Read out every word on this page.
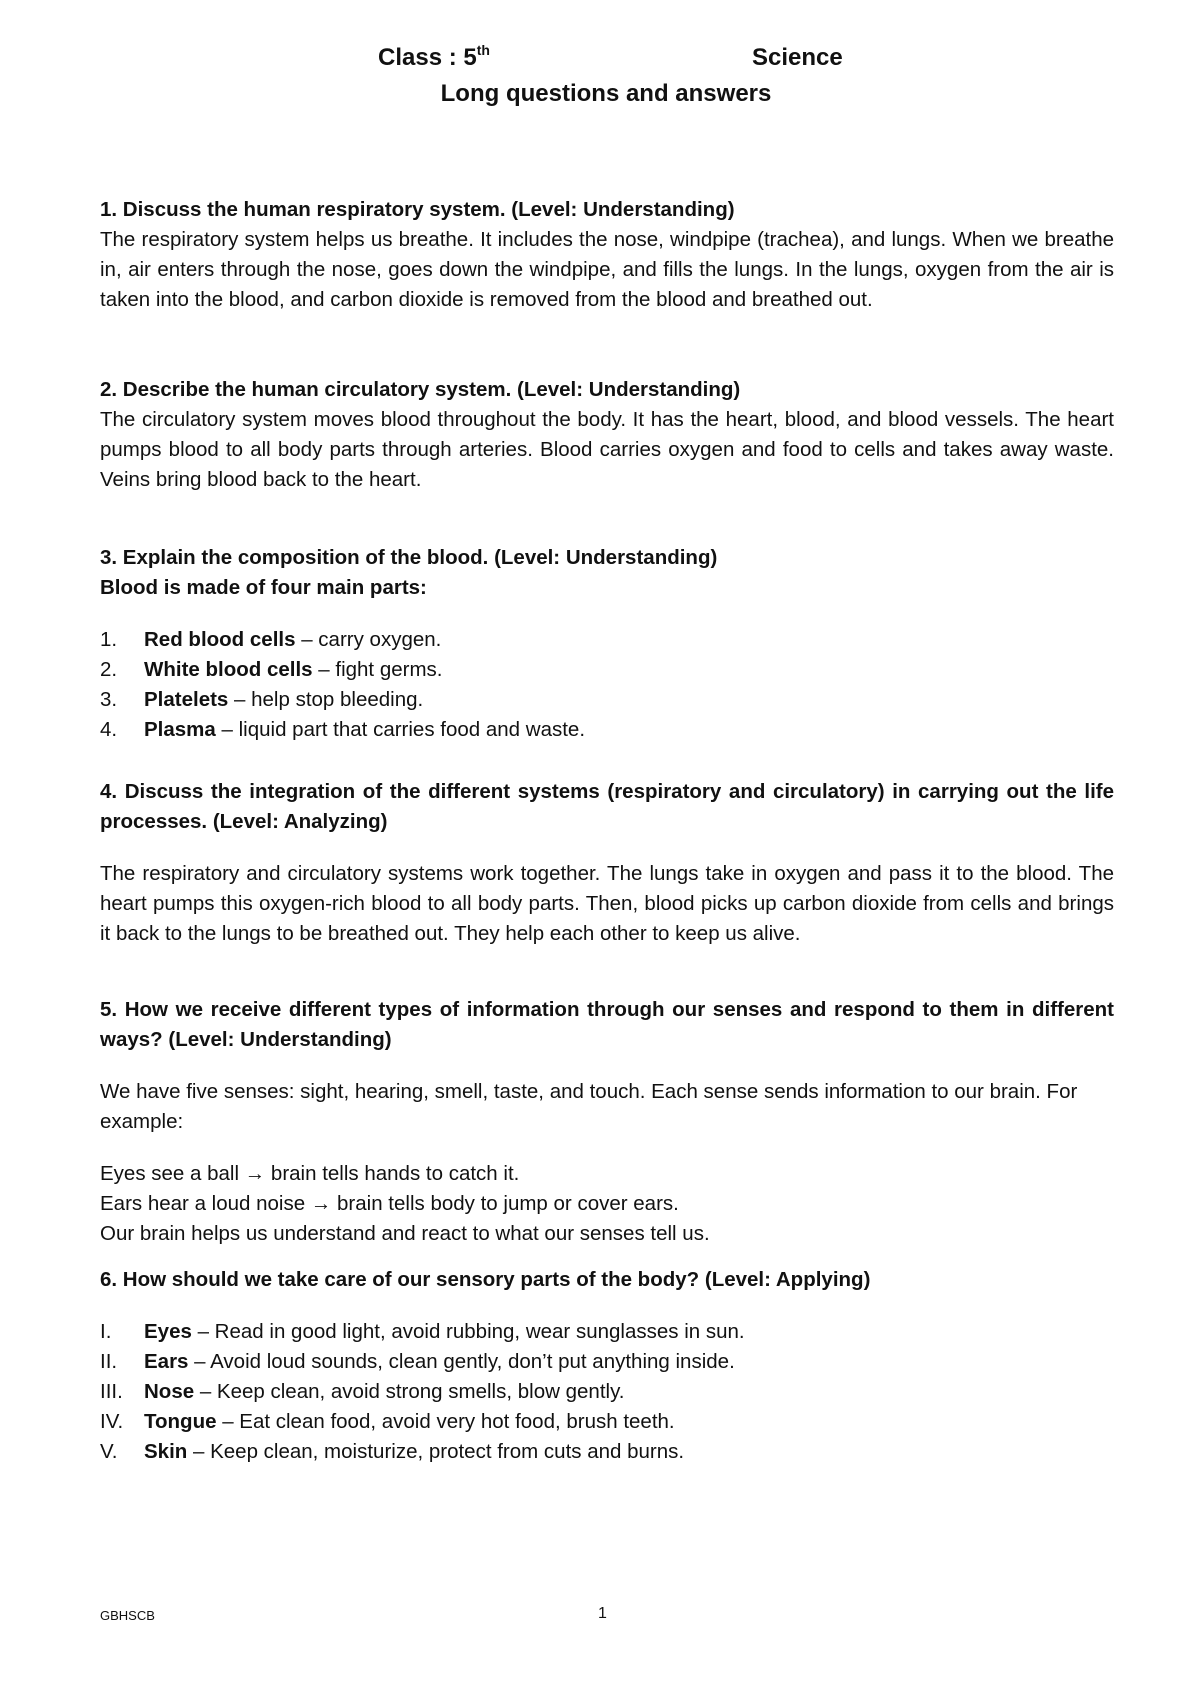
Class : 5th	Science
Long questions and answers

1. Discuss the human respiratory system. (Level: Understanding)

The respiratory system helps us breathe. It includes the nose, windpipe (trachea), and lungs. When we breathe in, air enters through the nose, goes down the windpipe, and fills the lungs. In the lungs, oxygen from the air is taken into the blood, and carbon dioxide is removed from the blood and breathed out.

2. Describe the human circulatory system. (Level: Understanding)

The circulatory system moves blood throughout the body. It has the heart, blood, and blood vessels. The heart pumps blood to all body parts through arteries. Blood carries oxygen and food to cells and takes away waste. Veins bring blood back to the heart.

3. Explain the composition of the blood. (Level: Understanding)

Blood is made of four main parts:

1. Red blood cells – carry oxygen.
2. White blood cells – fight germs.
3. Platelets – help stop bleeding.
4. Plasma – liquid part that carries food and waste.

4. Discuss the integration of the different systems (respiratory and circulatory) in carrying out the life processes. (Level: Analyzing)

The respiratory and circulatory systems work together. The lungs take in oxygen and pass it to the blood. The heart pumps this oxygen-rich blood to all body parts. Then, blood picks up carbon dioxide from cells and brings it back to the lungs to be breathed out. They help each other to keep us alive.

5. How we receive different types of information through our senses and respond to them in different ways? (Level: Understanding)

We have five senses: sight, hearing, smell, taste, and touch. Each sense sends information to our brain. For example:

Eyes see a ball → brain tells hands to catch it.

Ears hear a loud noise → brain tells body to jump or cover ears.

Our brain helps us understand and react to what our senses tell us.

6. How should we take care of our sensory parts of the body? (Level: Applying)

I. Eyes – Read in good light, avoid rubbing, wear sunglasses in sun.
II. Ears – Avoid loud sounds, clean gently, don’t put anything inside.
III. Nose – Keep clean, avoid strong smells, blow gently.
IV. Tongue – Eat clean food, avoid very hot food, brush teeth.
V. Skin – Keep clean, moisturize, protect from cuts and burns.
GBHSCB	1
